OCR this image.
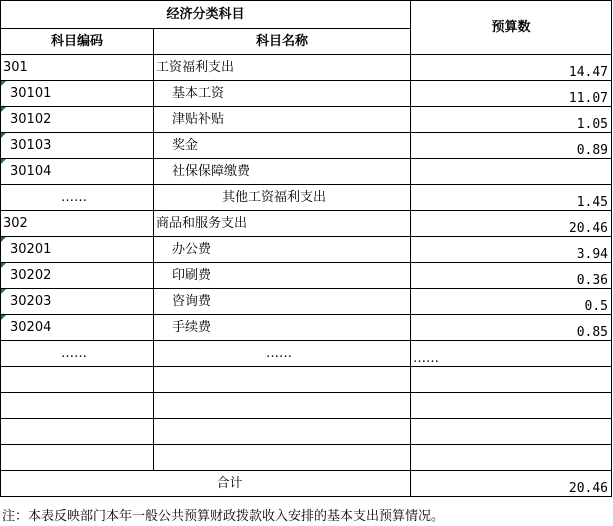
经济分类科目		预算数
科目编码	科目名称	
301	工资福利支出	14.47

30101	基本工资	11.07

30102	津贴补贴	1.05

30103	奖金	0.89

30104	社保保障缴费	
……	其他工资福利支出	1.45
302	商品和服务支出	20.46

30201	办公费	3.94

30202	印刷费	0.36

30203	咨询费	0.5

30204	手续费	0.85
……	……	……

合计		20.46
注：本表反映部门本年一般公共预算财政拨款收入安排的基本支出预算情况。
